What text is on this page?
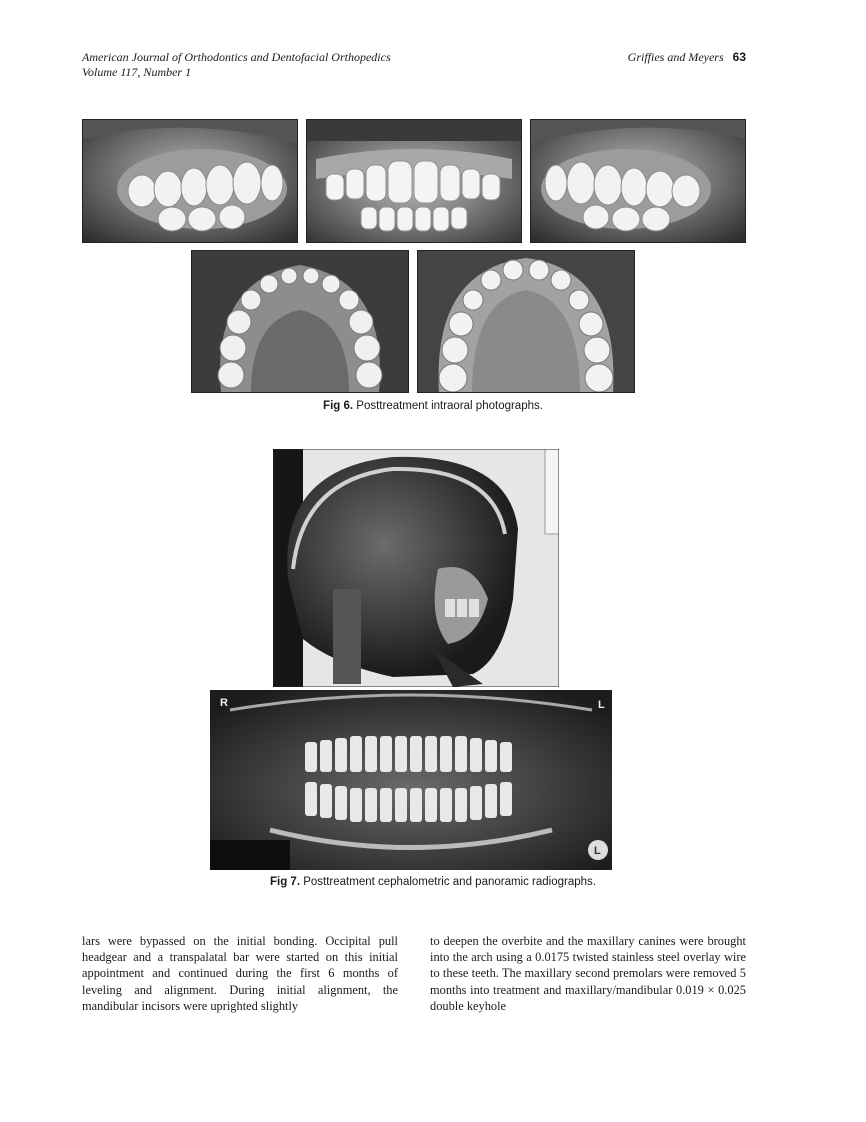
American Journal of Orthodontics and Dentofacial Orthopedics
Volume 117, Number 1
Griffies and Meyers 63
Fig 6. Posttreatment intraoral photographs.
R	L
L
Fig 7. Posttreatment cephalometric and panoramic radiographs.
lars were bypassed on the initial bonding. Occipital pull headgear and a transpalatal bar were started on this initial appointment and continued during the first 6 months of leveling and alignment. During initial alignment, the mandibular incisors were uprighted slightly
to deepen the overbite and the maxillary canines were brought into the arch using a 0.0175 twisted stainless steel overlay wire to these teeth. The maxillary second premolars were removed 5 months into treatment and maxillary/mandibular 0.019 × 0.025 double keyhole
